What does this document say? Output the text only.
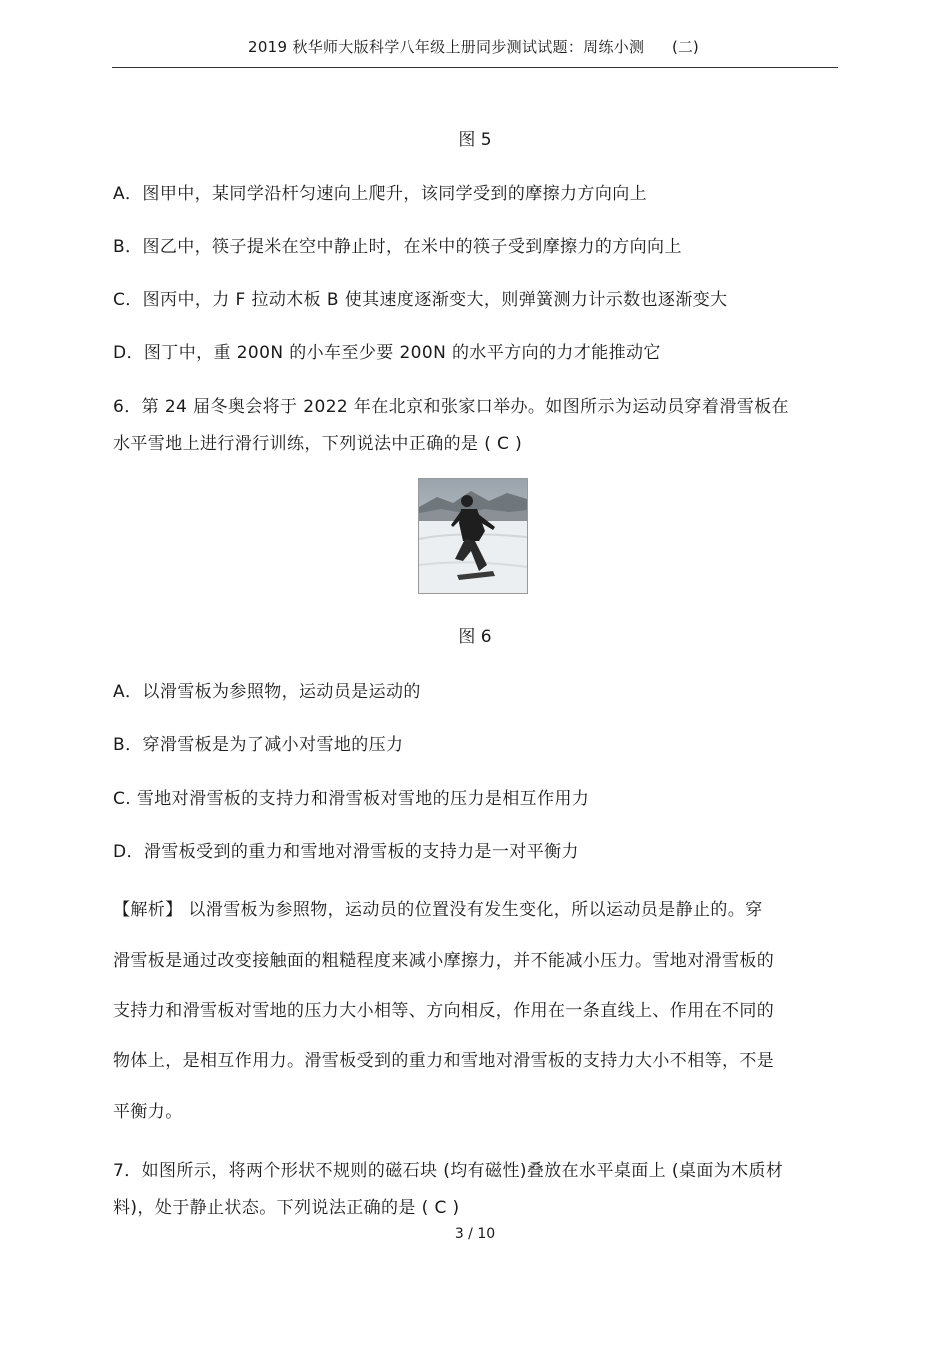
2019 秋华师大版科学八年级上册同步测试试题：周练小测 (二)
图 5
A．图甲中，某同学沿杆匀速向上爬升，该同学受到的摩擦力方向向上
B．图乙中，筷子提米在空中静止时，在米中的筷子受到摩擦力的方向向上
C．图丙中，力 F 拉动木板 B 使其速度逐渐变大，则弹簧测力计示数也逐渐变大
D．图丁中，重 200N 的小车至少要 200N 的水平方向的力才能推动它
6．第 24 届冬奥会将于 2022 年在北京和张家口举办。如图所示为运动员穿着滑雪板在
水平雪地上进行滑行训练，下列说法中正确的是 ( C )
图 6
A．以滑雪板为参照物，运动员是运动的
B．穿滑雪板是为了减小对雪地的压力
C. 雪地对滑雪板的支持力和滑雪板对雪地的压力是相互作用力
D．滑雪板受到的重力和雪地对滑雪板的支持力是一对平衡力
【解析】 以滑雪板为参照物，运动员的位置没有发生变化，所以运动员是静止的。穿
滑雪板是通过改变接触面的粗糙程度来减小摩擦力，并不能减小压力。雪地对滑雪板的
支持力和滑雪板对雪地的压力大小相等、方向相反，作用在一条直线上、作用在不同的
物体上，是相互作用力。滑雪板受到的重力和雪地对滑雪板的支持力大小不相等，不是
平衡力。
7．如图所示，将两个形状不规则的磁石块 (均有磁性)叠放在水平桌面上 (桌面为木质材
料)，处于静止状态。下列说法正确的是 ( C )
3 / 10
